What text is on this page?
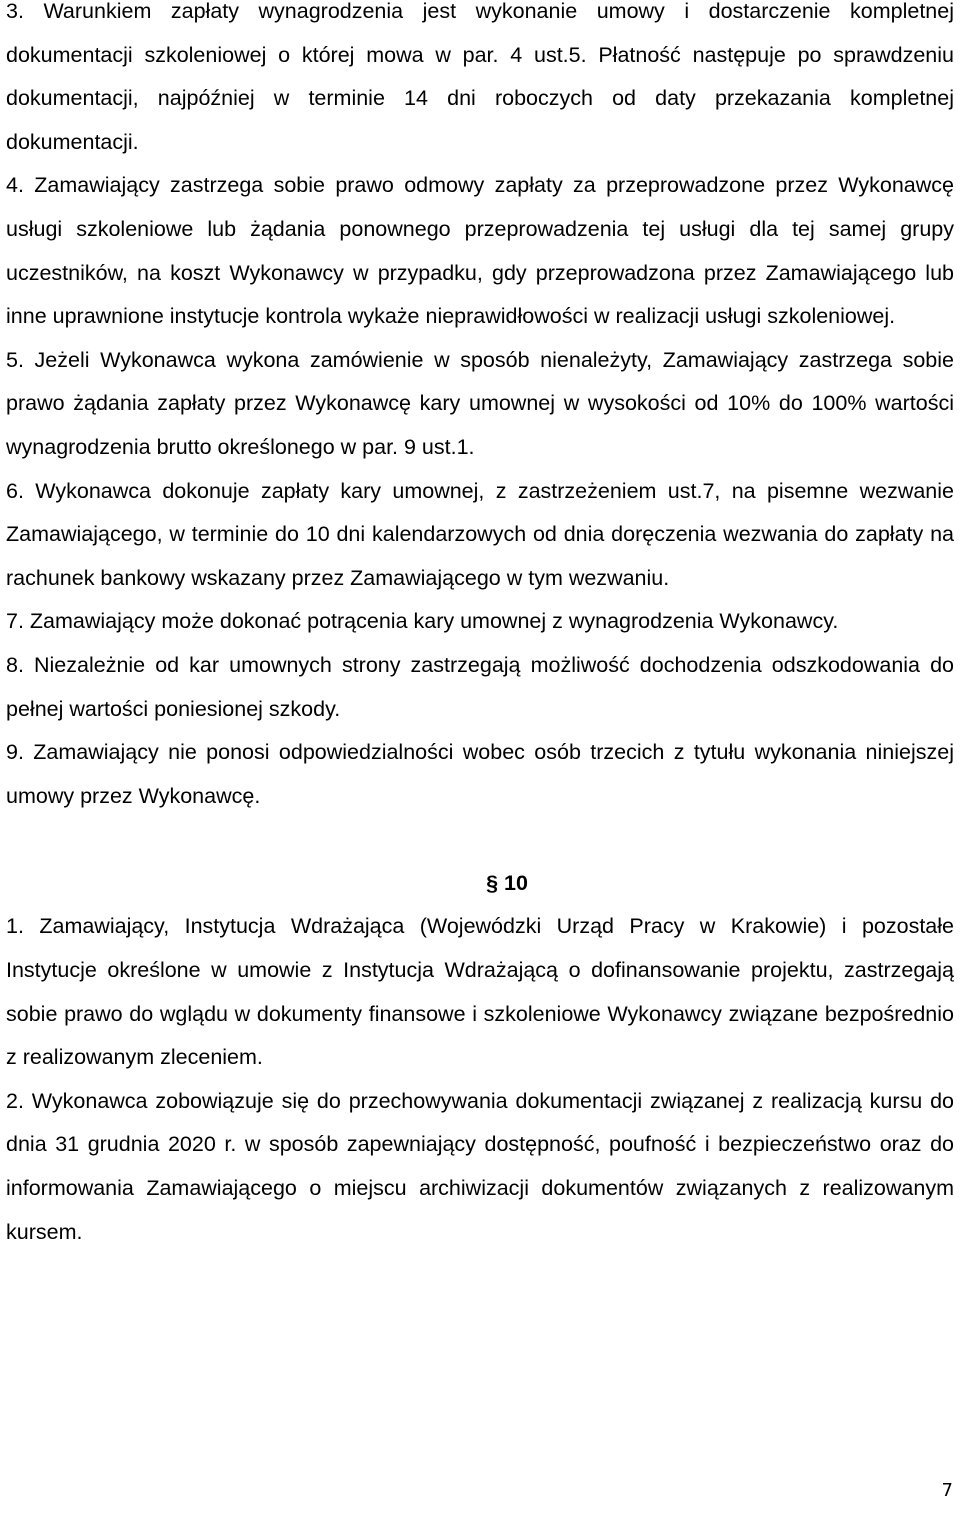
3. Warunkiem zapłaty wynagrodzenia jest wykonanie umowy i dostarczenie kompletnej dokumentacji szkoleniowej o której mowa w par. 4 ust.5. Płatność następuje po sprawdzeniu dokumentacji, najpóźniej w terminie 14 dni roboczych od daty przekazania kompletnej dokumentacji.

4. Zamawiający zastrzega sobie prawo odmowy zapłaty za przeprowadzone przez Wykonawcę usługi szkoleniowe lub żądania ponownego przeprowadzenia tej usługi dla tej samej grupy uczestników, na koszt Wykonawcy w przypadku, gdy przeprowadzona przez Zamawiającego lub inne uprawnione instytucje kontrola wykaże nieprawidłowości w realizacji usługi szkoleniowej.

5. Jeżeli Wykonawca wykona zamówienie w sposób nienależyty, Zamawiający zastrzega sobie prawo żądania zapłaty przez Wykonawcę kary umownej w wysokości od 10% do 100% wartości wynagrodzenia brutto określonego w par. 9 ust.1.

6. Wykonawca dokonuje zapłaty kary umownej, z zastrzeżeniem ust.7, na pisemne wezwanie Zamawiającego, w terminie do 10 dni kalendarzowych od dnia doręczenia wezwania do zapłaty na rachunek bankowy wskazany przez Zamawiającego w tym wezwaniu.

7. Zamawiający może dokonać potrącenia kary umownej z wynagrodzenia Wykonawcy.

8. Niezależnie od kar umownych strony zastrzegają możliwość dochodzenia odszkodowania do pełnej wartości poniesionej szkody.

9. Zamawiający nie ponosi odpowiedzialności wobec osób trzecich z tytułu wykonania niniejszej umowy przez Wykonawcę.

§ 10

1. Zamawiający, Instytucja Wdrażająca (Wojewódzki Urząd Pracy w Krakowie) i pozostałe Instytucje określone w umowie z Instytucja Wdrażającą o dofinansowanie projektu, zastrzegają sobie prawo do wglądu w dokumenty finansowe i szkoleniowe Wykonawcy związane bezpośrednio z realizowanym zleceniem.

2. Wykonawca zobowiązuje się do przechowywania dokumentacji związanej z realizacją kursu do dnia 31 grudnia 2020 r. w sposób zapewniający dostępność, poufność i bezpieczeństwo oraz do informowania Zamawiającego o miejscu archiwizacji dokumentów związanych z realizowanym kursem.

7
